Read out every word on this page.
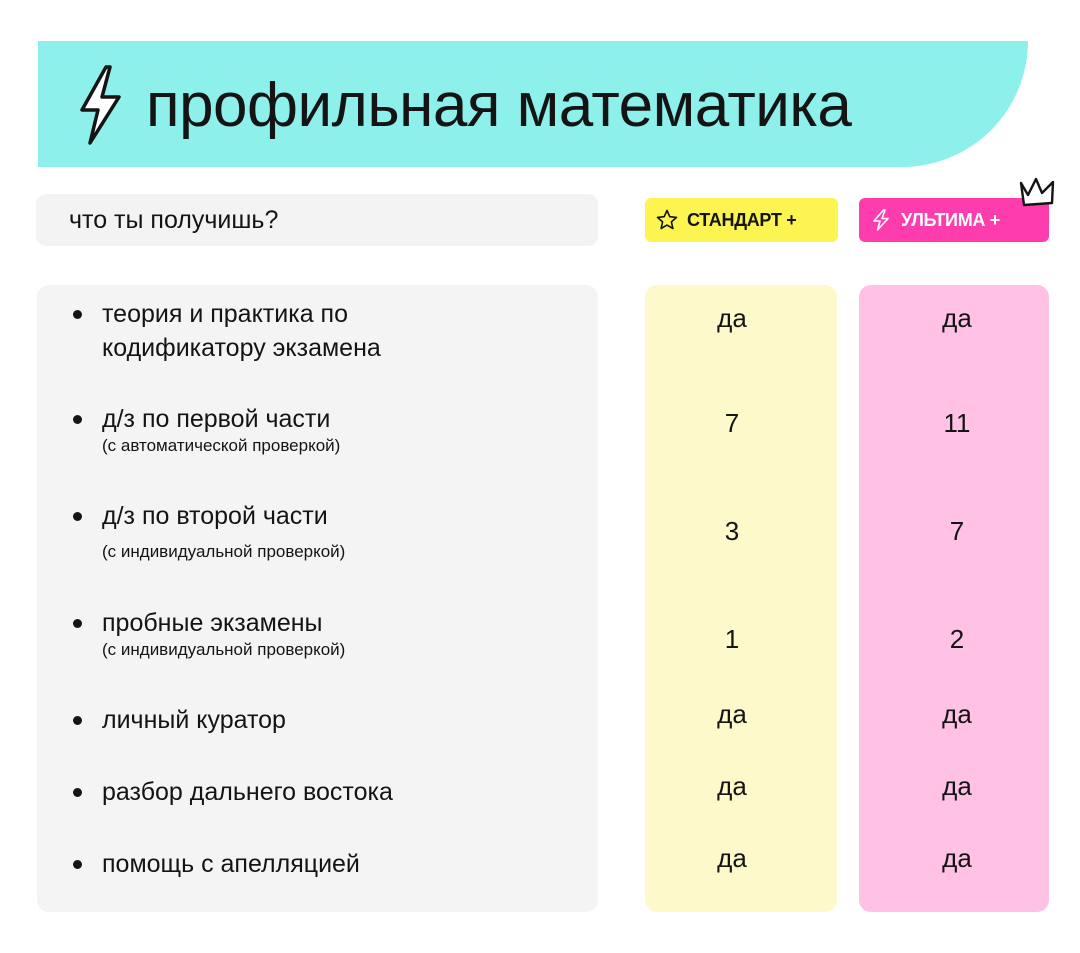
профильная математика
что ты получишь?	СТАНДАРТ +	УЛЬТИМА +
теория и практика по
кодификатору экзамена
да	да
д/з по первой части
(с автоматической проверкой)
7	11
д/з по второй части
(с индивидуальной проверкой)
3	7
пробные экзамены
(с индивидуальной проверкой)	1	2
личный куратор	да	да
разбор дальнего востока	да	да
помощь с апелляцией	да	да
